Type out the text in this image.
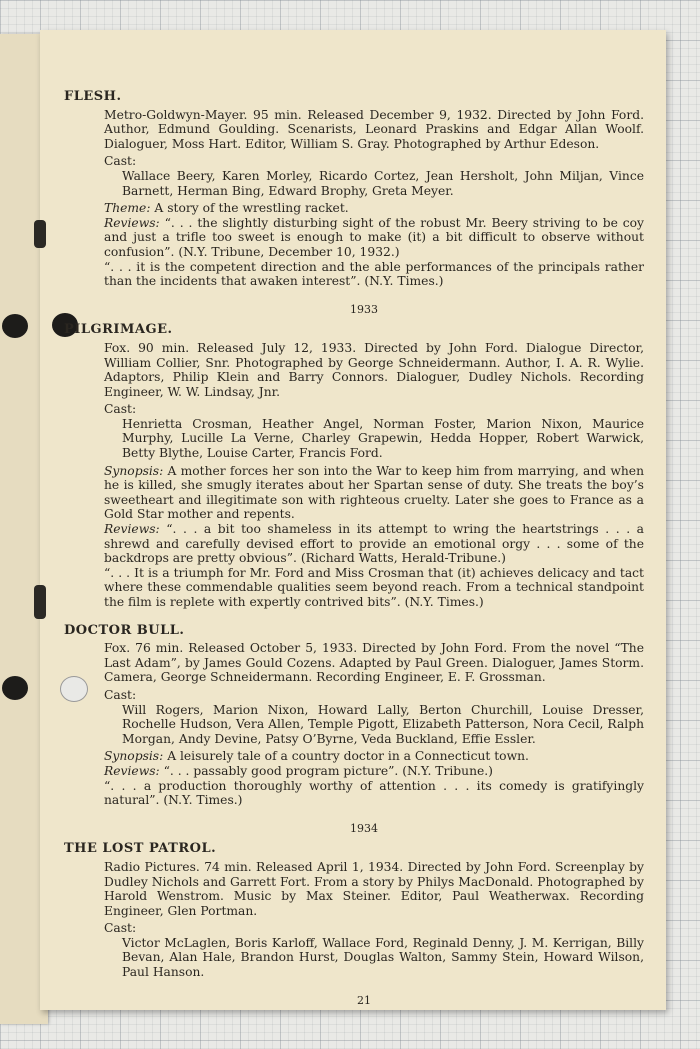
FLESH.

Metro-Goldwyn-Mayer. 95 min. Released December 9, 1932. Directed by John Ford. Author, Edmund Goulding. Scenarists, Leonard Praskins and Edgar Allan Woolf. Dialoguer, Moss Hart. Editor, William S. Gray. Photographed by Arthur Edeson.

Cast:

Wallace Beery, Karen Morley, Ricardo Cortez, Jean Hersholt, John Miljan, Vince Barnett, Herman Bing, Edward Brophy, Greta Meyer.

Theme: A story of the wrestling racket.

Reviews: “. . . the slightly disturbing sight of the robust Mr. Beery striving to be coy and just a trifle too sweet is enough to make (it) a bit difficult to observe without confusion”. (N.Y. Tribune, December 10, 1932.)

“. . . it is the competent direction and the able performances of the principals rather than the incidents that awaken interest”. (N.Y. Times.)

1933
PILGRIMAGE.

Fox. 90 min. Released July 12, 1933. Directed by John Ford. Dialogue Director, William Collier, Snr. Photographed by George Schneidermann. Author, I. A. R. Wylie. Adaptors, Philip Klein and Barry Connors. Dialoguer, Dudley Nichols. Recording Engineer, W. W. Lindsay, Jnr.

Cast:

Henrietta Crosman, Heather Angel, Norman Foster, Marion Nixon, Maurice Murphy, Lucille La Verne, Charley Grapewin, Hedda Hopper, Robert Warwick, Betty Blythe, Louise Carter, Francis Ford.

Synopsis: A mother forces her son into the War to keep him from marrying, and when he is killed, she smugly iterates about her Spartan sense of duty. She treats the boy’s sweetheart and illegitimate son with righteous cruelty. Later she goes to France as a Gold Star mother and repents.

Reviews: “. . . a bit too shameless in its attempt to wring the heartstrings . . . a shrewd and carefully devised effort to provide an emotional orgy . . . some of the backdrops are pretty obvious”. (Richard Watts, Herald-Tribune.)

“. . . It is a triumph for Mr. Ford and Miss Crosman that (it) achieves delicacy and tact where these commendable qualities seem beyond reach. From a technical standpoint the film is replete with expertly contrived bits”. (N.Y. Times.)

DOCTOR BULL.

Fox. 76 min. Released October 5, 1933. Directed by John Ford. From the novel “The Last Adam”, by James Gould Cozens. Adapted by Paul Green. Dialoguer, James Storm. Camera, George Schneidermann. Recording Engineer, E. F. Grossman.

Cast:

Will Rogers, Marion Nixon, Howard Lally, Berton Churchill, Louise Dresser, Rochelle Hudson, Vera Allen, Temple Pigott, Elizabeth Patterson, Nora Cecil, Ralph Morgan, Andy Devine, Patsy O’Byrne, Veda Buckland, Effie Essler.

Synopsis: A leisurely tale of a country doctor in a Connecticut town.

Reviews: “. . . passably good program picture”. (N.Y. Tribune.)

“. . . a production thoroughly worthy of attention . . . its comedy is gratifyingly natural”. (N.Y. Times.)

1934
THE LOST PATROL.

Radio Pictures. 74 min. Released April 1, 1934. Directed by John Ford. Screenplay by Dudley Nichols and Garrett Fort. From a story by Philys MacDonald. Photographed by Harold Wenstrom. Music by Max Steiner. Editor, Paul Weatherwax. Recording Engineer, Glen Portman.

Cast:

Victor McLaglen, Boris Karloff, Wallace Ford, Reginald Denny, J. M. Kerrigan, Billy Bevan, Alan Hale, Brandon Hurst, Douglas Walton, Sammy Stein, Howard Wilson, Paul Hanson.

21
